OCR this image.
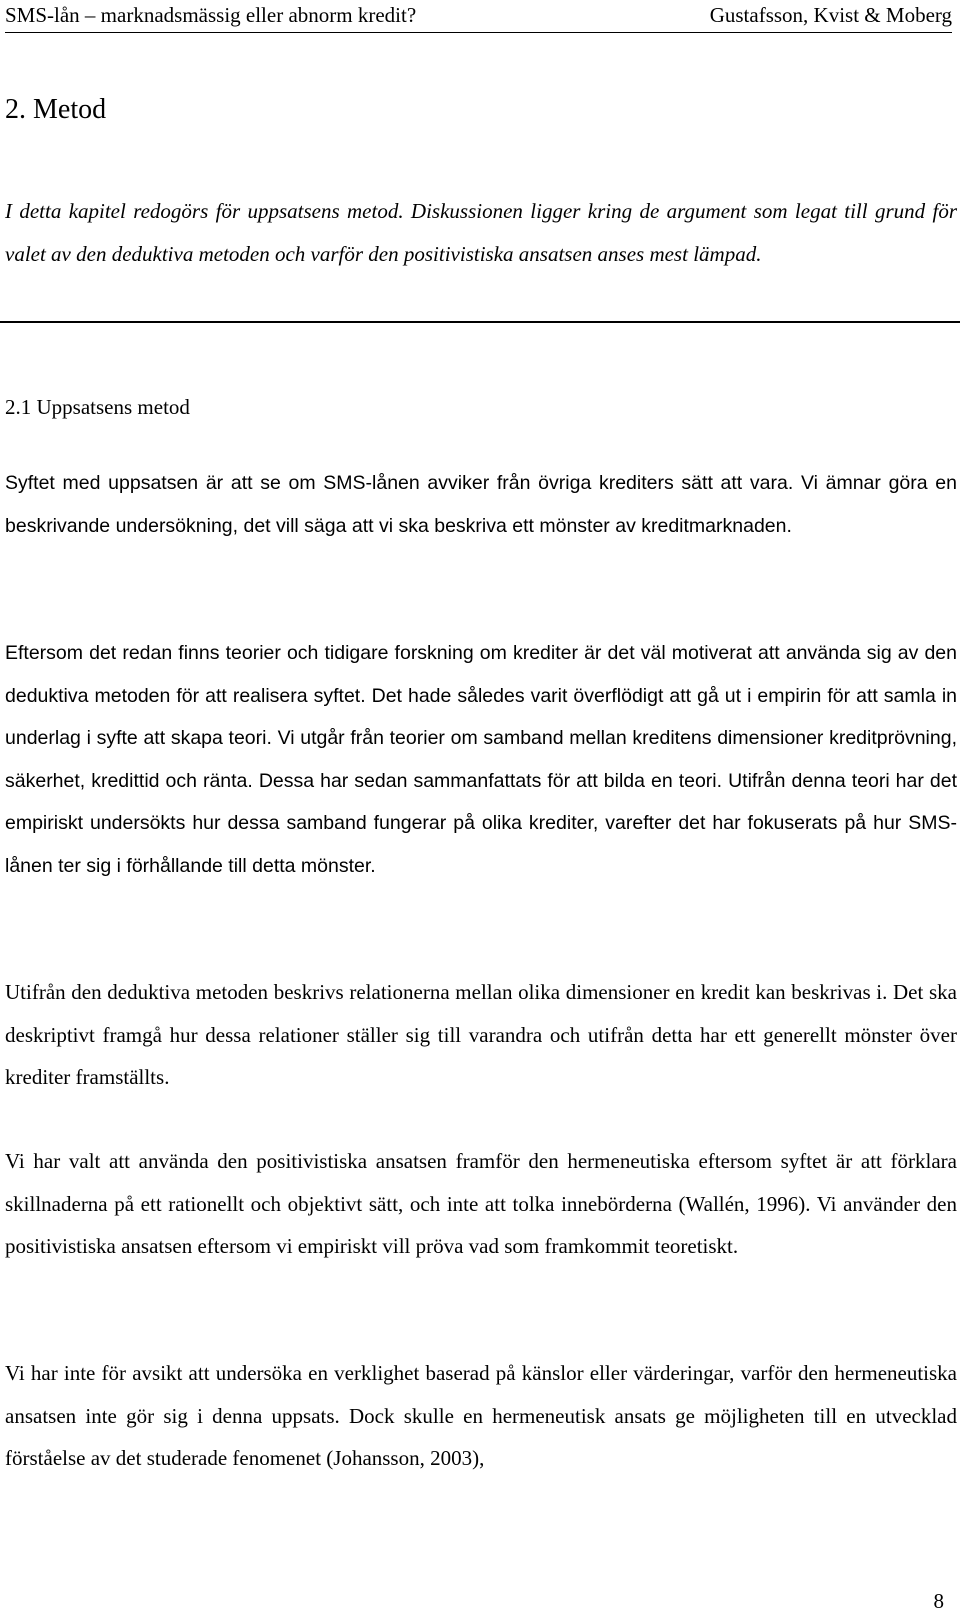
SMS-lån – marknadsmässig eller abnorm kredit?	Gustafsson, Kvist & Moberg
2. Metod

I detta kapitel redogörs för uppsatsens metod. Diskussionen ligger kring de argument som legat till grund för valet av den deduktiva metoden och varför den positivistiska ansatsen anses mest lämpad.

2.1 Uppsatsens metod

Syftet med uppsatsen är att se om SMS-lånen avviker från övriga krediters sätt att vara. Vi ämnar göra en beskrivande undersökning, det vill säga att vi ska beskriva ett mönster av kreditmarknaden.

Eftersom det redan finns teorier och tidigare forskning om krediter är det väl motiverat att använda sig av den deduktiva metoden för att realisera syftet. Det hade således varit överflödigt att gå ut i empirin för att samla in underlag i syfte att skapa teori. Vi utgår från teorier om samband mellan kreditens dimensioner kreditprövning, säkerhet, kredittid och ränta. Dessa har sedan sammanfattats för att bilda en teori. Utifrån denna teori har det empiriskt undersökts hur dessa samband fungerar på olika krediter, varefter det har fokuserats på hur SMS-lånen ter sig i förhållande till detta mönster.

Utifrån den deduktiva metoden beskrivs relationerna mellan olika dimensioner en kredit kan beskrivas i. Det ska deskriptivt framgå hur dessa relationer ställer sig till varandra och utifrån detta har ett generellt mönster över krediter framställts.

Vi har valt att använda den positivistiska ansatsen framför den hermeneutiska eftersom syftet är att förklara skillnaderna på ett rationellt och objektivt sätt, och inte att tolka innebörderna (Wallén, 1996). Vi använder den positivistiska ansatsen eftersom vi empiriskt vill pröva vad som framkommit teoretiskt.

Vi har inte för avsikt att undersöka en verklighet baserad på känslor eller värderingar, varför den hermeneutiska ansatsen inte gör sig i denna uppsats. Dock skulle en hermeneutisk ansats ge möjligheten till en utvecklad förståelse av det studerade fenomenet (Johansson, 2003),

8
